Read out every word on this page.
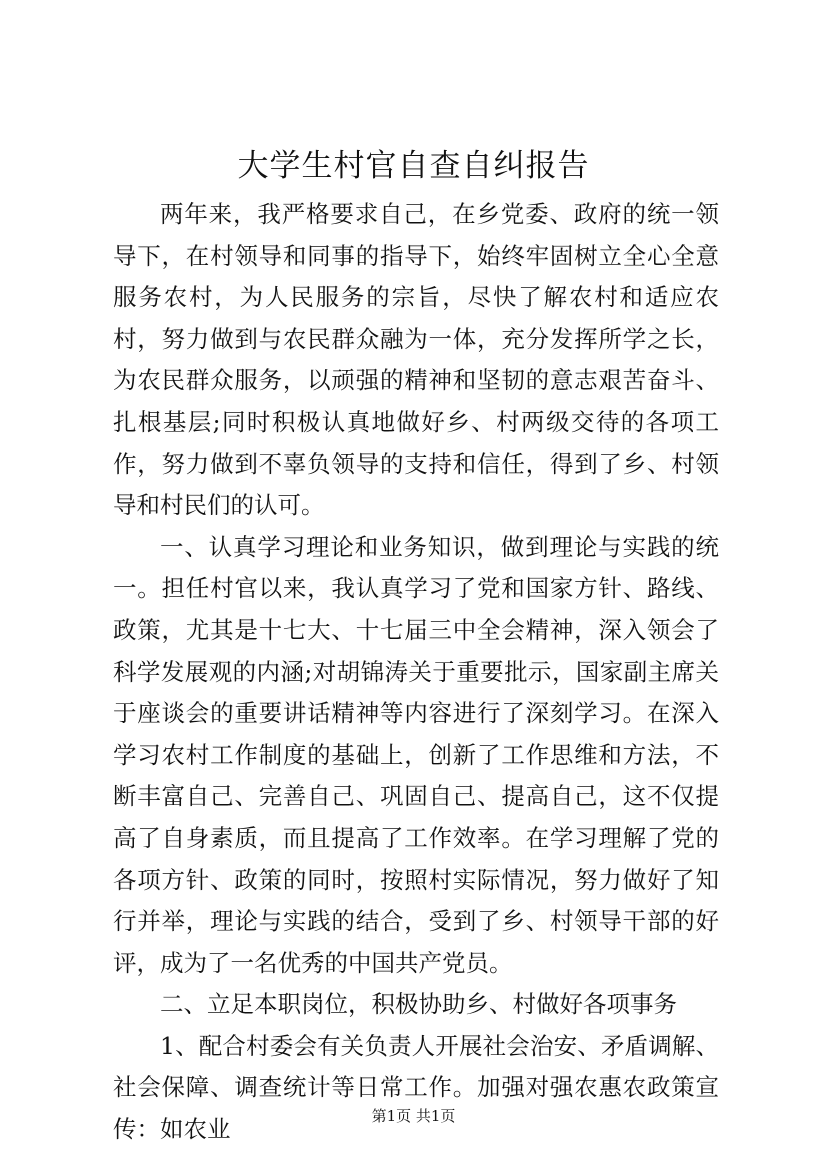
大学生村官自查自纠报告

两年来，我严格要求自己，在乡党委、政府的统一领导下，在村领导和同事的指导下，始终牢固树立全心全意服务农村，为人民服务的宗旨，尽快了解农村和适应农村，努力做到与农民群众融为一体，充分发挥所学之长，为农民群众服务，以顽强的精神和坚韧的意志艰苦奋斗、扎根基层;同时积极认真地做好乡、村两级交待的各项工作，努力做到不辜负领导的支持和信任，得到了乡、村领导和村民们的认可。

一、认真学习理论和业务知识，做到理论与实践的统一。担任村官以来，我认真学习了党和国家方针、路线、政策，尤其是十七大、十七届三中全会精神，深入领会了科学发展观的内涵;对胡锦涛关于重要批示，国家副主席关于座谈会的重要讲话精神等内容进行了深刻学习。在深入学习农村工作制度的基础上，创新了工作思维和方法，不断丰富自己、完善自己、巩固自己、提高自己，这不仅提高了自身素质，而且提高了工作效率。在学习理解了党的各项方针、政策的同时，按照村实际情况，努力做好了知行并举，理论与实践的结合，受到了乡、村领导干部的好评，成为了一名优秀的中国共产党员。

二、立足本职岗位，积极协助乡、村做好各项事务

1、配合村委会有关负责人开展社会治安、矛盾调解、社会保障、调查统计等日常工作。加强对强农惠农政策宣传：如农业	第1页 共1页
